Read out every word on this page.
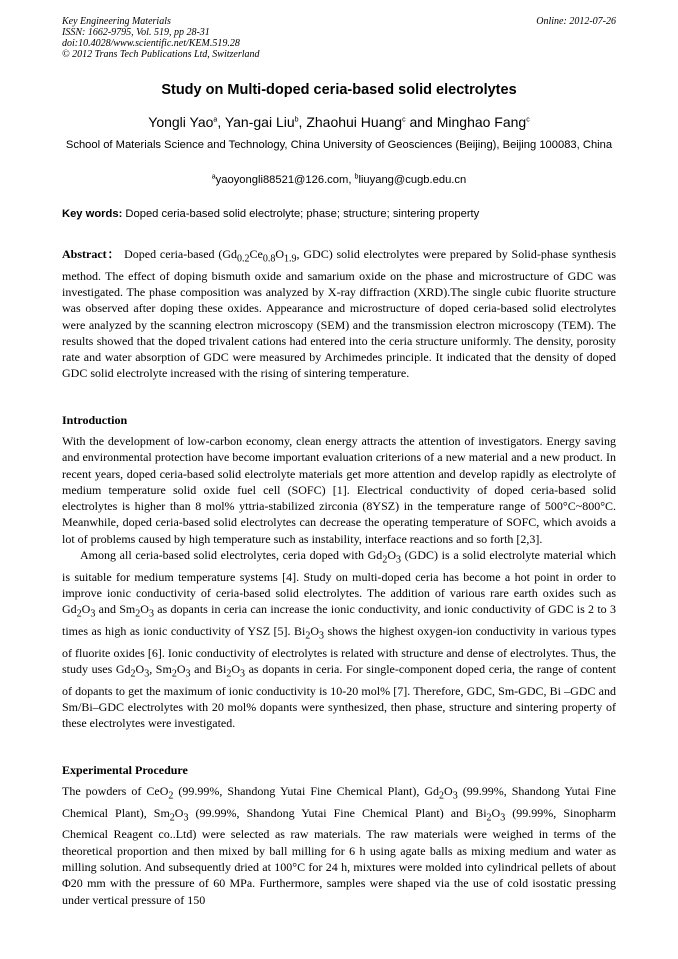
Key Engineering Materials
ISSN: 1662-9795, Vol. 519, pp 28-31
doi:10.4028/www.scientific.net/KEM.519.28
© 2012 Trans Tech Publications Ltd, Switzerland
Online: 2012-07-26
Study on Multi-doped ceria-based solid electrolytes
Yongli Yao$^a$, Yan-gai Liu$^b$, Zhaohui Huang$^c$ and Minghao Fang$^c$
School of Materials Science and Technology, China University of Geosciences (Beijing), Beijing 100083, China
$^a$yaoyongli88521@126.com, $^b$liuyang@cugb.edu.cn
Key words: Doped ceria-based solid electrolyte; phase; structure; sintering property

Abstract： Doped ceria-based ($Gd_{0.2}Ce_{0.8}O_{1.9}$, GDC) solid electrolytes were prepared by Solid-phase synthesis method. The effect of doping bismuth oxide and samarium oxide on the phase and microstructure of GDC was investigated. The phase composition was analyzed by X-ray diffraction (XRD).The single cubic fluorite structure was observed after doping these oxides. Appearance and microstructure of doped ceria-based solid electrolytes were analyzed by the scanning electron microscopy (SEM) and the transmission electron microscopy (TEM). The results showed that the doped trivalent cations had entered into the ceria structure uniformly. The density, porosity rate and water absorption of GDC were measured by Archimedes principle. It indicated that the density of doped GDC solid electrolyte increased with the rising of sintering temperature.

Introduction

With the development of low-carbon economy, clean energy attracts the attention of investigators. Energy saving and environmental protection have become important evaluation criterions of a new material and a new product. In recent years, doped ceria-based solid electrolyte materials get more attention and develop rapidly as electrolyte of medium temperature solid oxide fuel cell (SOFC) [1]. Electrical conductivity of doped ceria-based solid electrolytes is higher than 8 mol% yttria-stabilized zirconia (8YSZ) in the temperature range of 500°C~800°C. Meanwhile, doped ceria-based solid electrolytes can decrease the operating temperature of SOFC, which avoids a lot of problems caused by high temperature such as instability, interface reactions and so forth [2,3].

Among all ceria-based solid electrolytes, ceria doped with $Gd_2O_3$ (GDC) is a solid electrolyte material which is suitable for medium temperature systems [4]. Study on multi-doped ceria has become a hot point in order to improve ionic conductivity of ceria-based solid electrolytes. The addition of various rare earth oxides such as $Gd_2O_3$ and $Sm_2O_3$ as dopants in ceria can increase the ionic conductivity, and ionic conductivity of GDC is 2 to 3 times as high as ionic conductivity of YSZ [5]. $Bi_2O_3$ shows the highest oxygen-ion conductivity in various types of fluorite oxides [6]. Ionic conductivity of electrolytes is related with structure and dense of electrolytes. Thus, the study uses $Gd_2O_3$, $Sm_2O_3$ and $Bi_2O_3$ as dopants in ceria. For single-component doped ceria, the range of content of dopants to get the maximum of ionic conductivity is 10-20 mol% [7]. Therefore, GDC, Sm-GDC, Bi –GDC and Sm/Bi–GDC electrolytes with 20 mol% dopants were synthesized, then phase, structure and sintering property of these electrolytes were investigated.

Experimental Procedure

The powders of CeO$_2$ (99.99%, Shandong Yutai Fine Chemical Plant), $Gd_2O_3$ (99.99%, Shandong Yutai Fine Chemical Plant), $Sm_2O_3$ (99.99%, Shandong Yutai Fine Chemical Plant) and $Bi_2O_3$ (99.99%, Sinopharm Chemical Reagent co..Ltd) were selected as raw materials. The raw materials were weighed in terms of the theoretical proportion and then mixed by ball milling for 6 h using agate balls as mixing medium and water as milling solution. And subsequently dried at 100°C for 24 h, mixtures were molded into cylindrical pellets of about Φ20 mm with the pressure of 60 MPa. Furthermore, samples were shaped via the use of cold isostatic pressing under vertical pressure of 150
